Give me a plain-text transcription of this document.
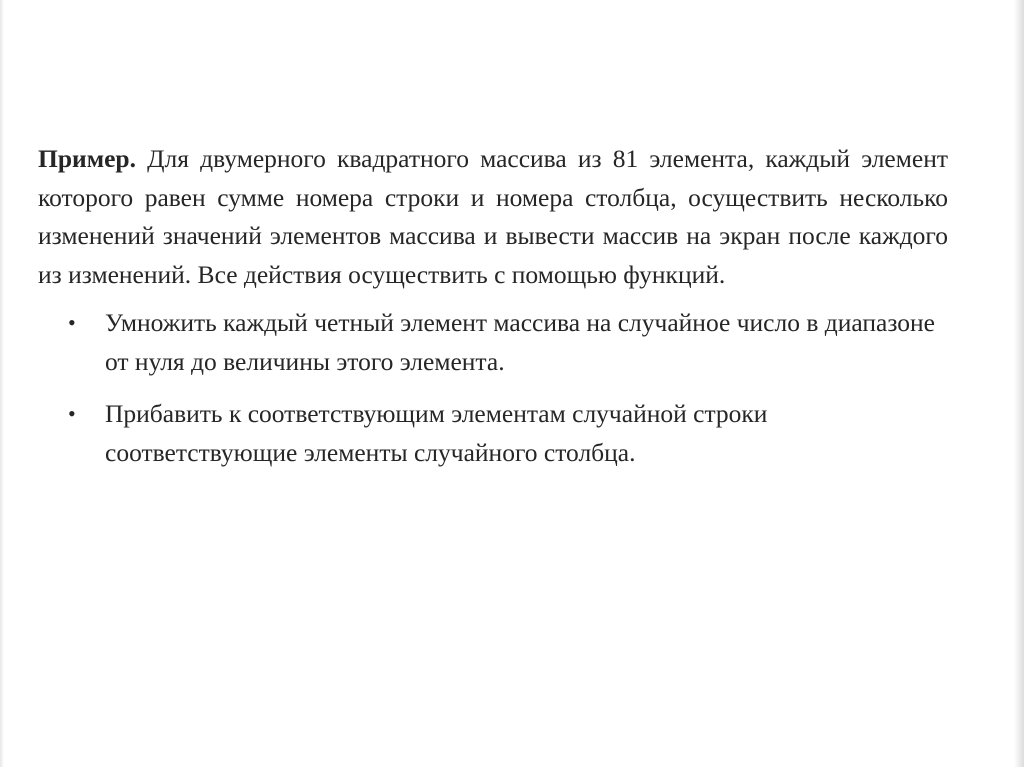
Пример. Для двумерного квадратного массива из 81 элемента, каждый элемент которого равен сумме номера строки и номера столбца, осуществить несколько изменений значений элементов массива и вывести массив на экран после каждого из изменений. Все действия осуществить с помощью функций.

• Умножить каждый четный элемент массива на случайное число в диапазоне от нуля до величины этого элемента.
• Прибавить к соответствующим элементам случайной строки соответствующие элементы случайного столбца.
